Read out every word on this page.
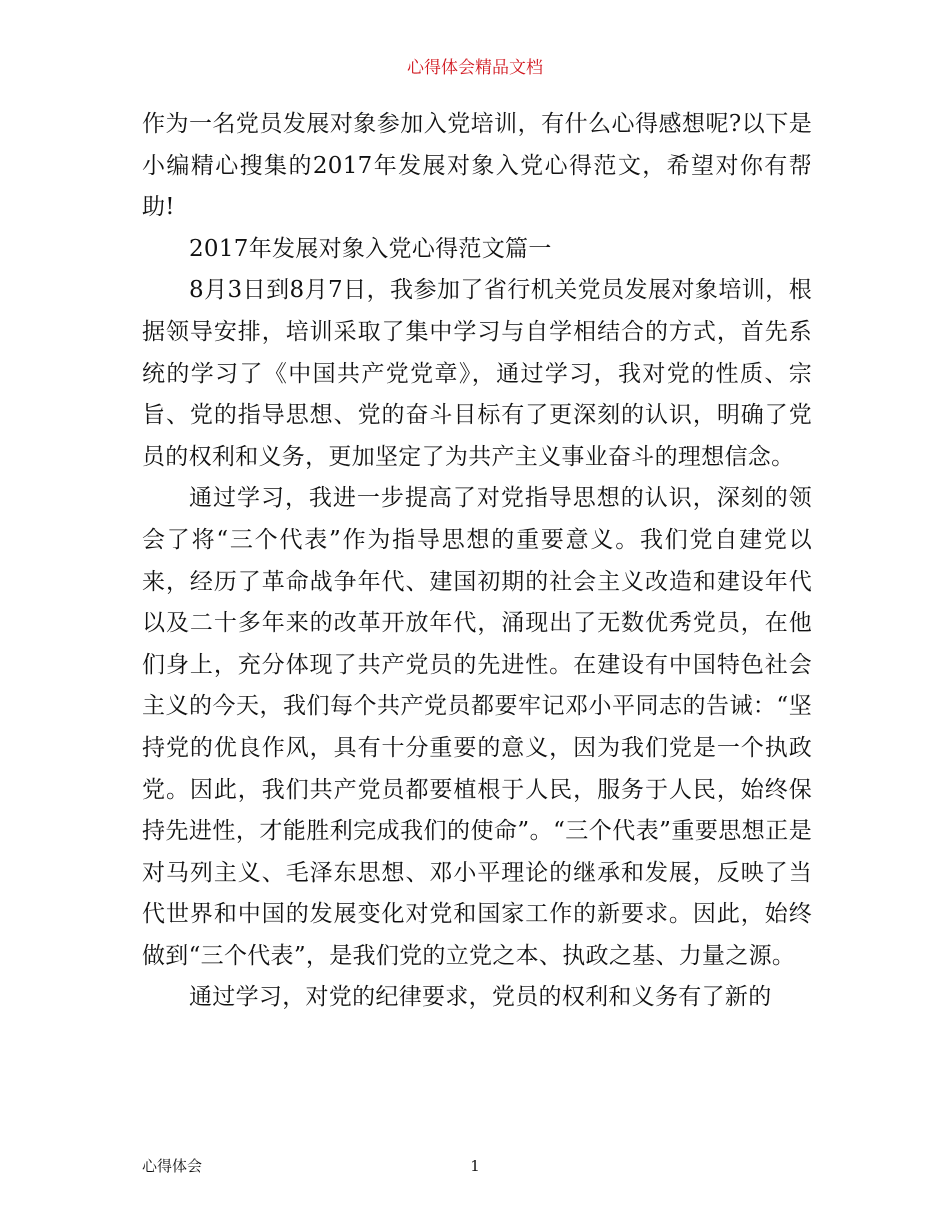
心得体会精品文档

作为一名党员发展对象参加入党培训，有什么心得感想呢?以下是小编精心搜集的2017年发展对象入党心得范文，希望对你有帮助!

2017年发展对象入党心得范文篇一

8月3日到8月7日，我参加了省行机关党员发展对象培训，根据领导安排，培训采取了集中学习与自学相结合的方式，首先系统的学习了《中国共产党党章》，通过学习，我对党的性质、宗旨、党的指导思想、党的奋斗目标有了更深刻的认识，明确了党员的权利和义务，更加坚定了为共产主义事业奋斗的理想信念。

通过学习，我进一步提高了对党指导思想的认识，深刻的领会了将“三个代表”作为指导思想的重要意义。我们党自建党以来，经历了革命战争年代、建国初期的社会主义改造和建设年代以及二十多年来的改革开放年代，涌现出了无数优秀党员，在他们身上，充分体现了共产党员的先进性。在建设有中国特色社会主义的今天，我们每个共产党员都要牢记邓小平同志的告诫：“坚持党的优良作风，具有十分重要的意义，因为我们党是一个执政党。因此，我们共产党员都要植根于人民，服务于人民，始终保持先进性，才能胜利完成我们的使命”。“三个代表”重要思想正是对马列主义、毛泽东思想、邓小平理论的继承和发展，反映了当代世界和中国的发展变化对党和国家工作的新要求。因此，始终做到“三个代表”，是我们党的立党之本、执政之基、力量之源。

通过学习，对党的纪律要求，党员的权利和义务有了新的

心得体会	1
